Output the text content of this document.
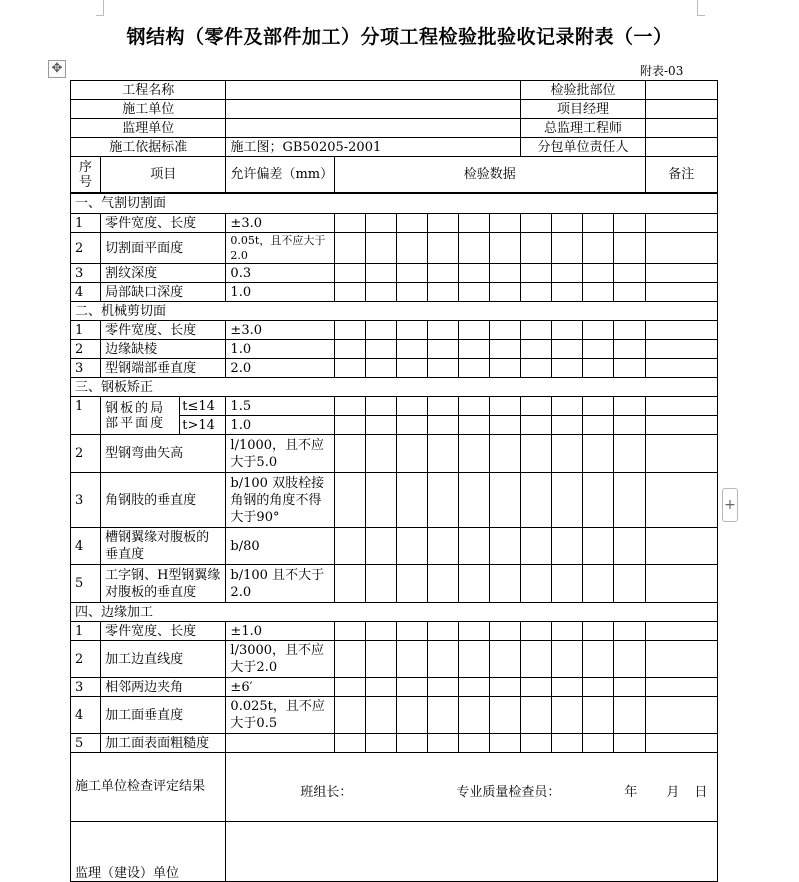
✥
+
钢结构（零件及部件加工）分项工程检验批验收记录附表（一）
附表-03
工程名称				检验批部位	
施工单位				项目经理	
监理单位				总监理工程师	
施工依据标准		施工图；GB50205-2001		分包单位责任人	
序号	项目	允许偏差（mm）	检验数据		备注
一、气割切割面														
1	零件宽度、长度		±3.0											
2	切割面平面度		0.05t，且不应大于2.0											
3	割纹深度		0.3											
4	局部缺口深度		1.0											
二、机械剪切面														
1	零件宽度、长度		±3.0											
2	边缘缺棱		1.0											
3	型钢端部垂直度		2.0											
三、钢板矫正														
1	钢板的局部平面度	t≤14	1.5											
		t>14	1.0											
2	型钢弯曲矢高		l/1000，且不应大于5.0											
3	角钢肢的垂直度		b/100 双肢栓接角钢的角度不得大于90°											
4	槽钢翼缘对腹板的垂直度		b/80											
5	工字钢、H型钢翼缘对腹板的垂直度		b/100 且不大于2.0											
四、边缘加工														
1	零件宽度、长度		±1.0											
2	加工边直线度		l/3000，且不应大于2.0											
3	相邻两边夹角		±6′											
4	加工面垂直度		0.025t，且不应大于0.5											
5	加工面表面粗糙度													
施工单位检查评定结果			班组长： 专业质量检查员： 年 月 日											

监理（建设）单位														
